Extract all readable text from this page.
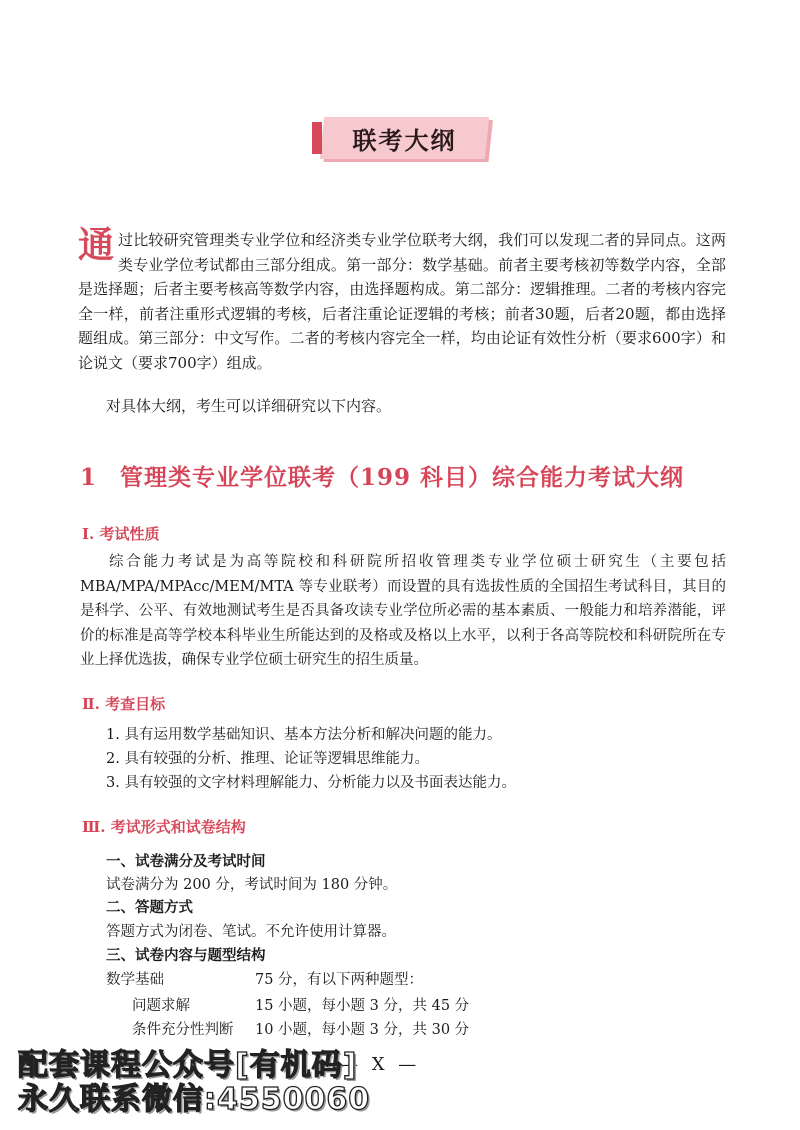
联考大纲
通 过比较研究管理类专业学位和经济类专业学位联考大纲，我们可以发现二者的异同点。这两类专业学位考试都由三部分组成。第一部分：数学基础。前者主要考核初等数学内容，全部是选择题；后者主要考核高等数学内容，由选择题构成。第二部分：逻辑推理。二者的考核内容完全一样，前者注重形式逻辑的考核，后者注重论证逻辑的考核；前者30题，后者20题，都由选择题组成。第三部分：中文写作。二者的考核内容完全一样，均由论证有效性分析（要求600字）和论说文（要求700字）组成。
对具体大纲，考生可以详细研究以下内容。
1 管理类专业学位联考（199 科目）综合能力考试大纲
Ⅰ. 考试性质
综合能力考试是为高等院校和科研院所招收管理类专业学位硕士研究生（主要包括 MBA/MPA/MPAcc/MEM/MTA 等专业联考）而设置的具有选拔性质的全国招生考试科目，其目的是科学、公平、有效地测试考生是否具备攻读专业学位所必需的基本素质、一般能力和培养潜能，评价的标准是高等学校本科毕业生所能达到的及格或及格以上水平，以利于各高等院校和科研院所在专业上择优选拔，确保专业学位硕士研究生的招生质量。
Ⅱ. 考查目标
1. 具有运用数学基础知识、基本方法分析和解决问题的能力。
2. 具有较强的分析、推理、论证等逻辑思维能力。
3. 具有较强的文字材料理解能力、分析能力以及书面表达能力。
Ⅲ. 考试形式和试卷结构
一、试卷满分及考试时间
试卷满分为 200 分，考试时间为 180 分钟。
二、答题方式
答题方式为闭卷、笔试。不允许使用计算器。
三、试卷内容与题型结构
数学基础	75 分，有以下两种题型：
问题求解	15 小题，每小题 3 分，共 45 分
条件充分性判断 10 小题，每小题 3 分，共 30 分
— X —
配套课程公众号[有机码]
永久联系微信:4550060
